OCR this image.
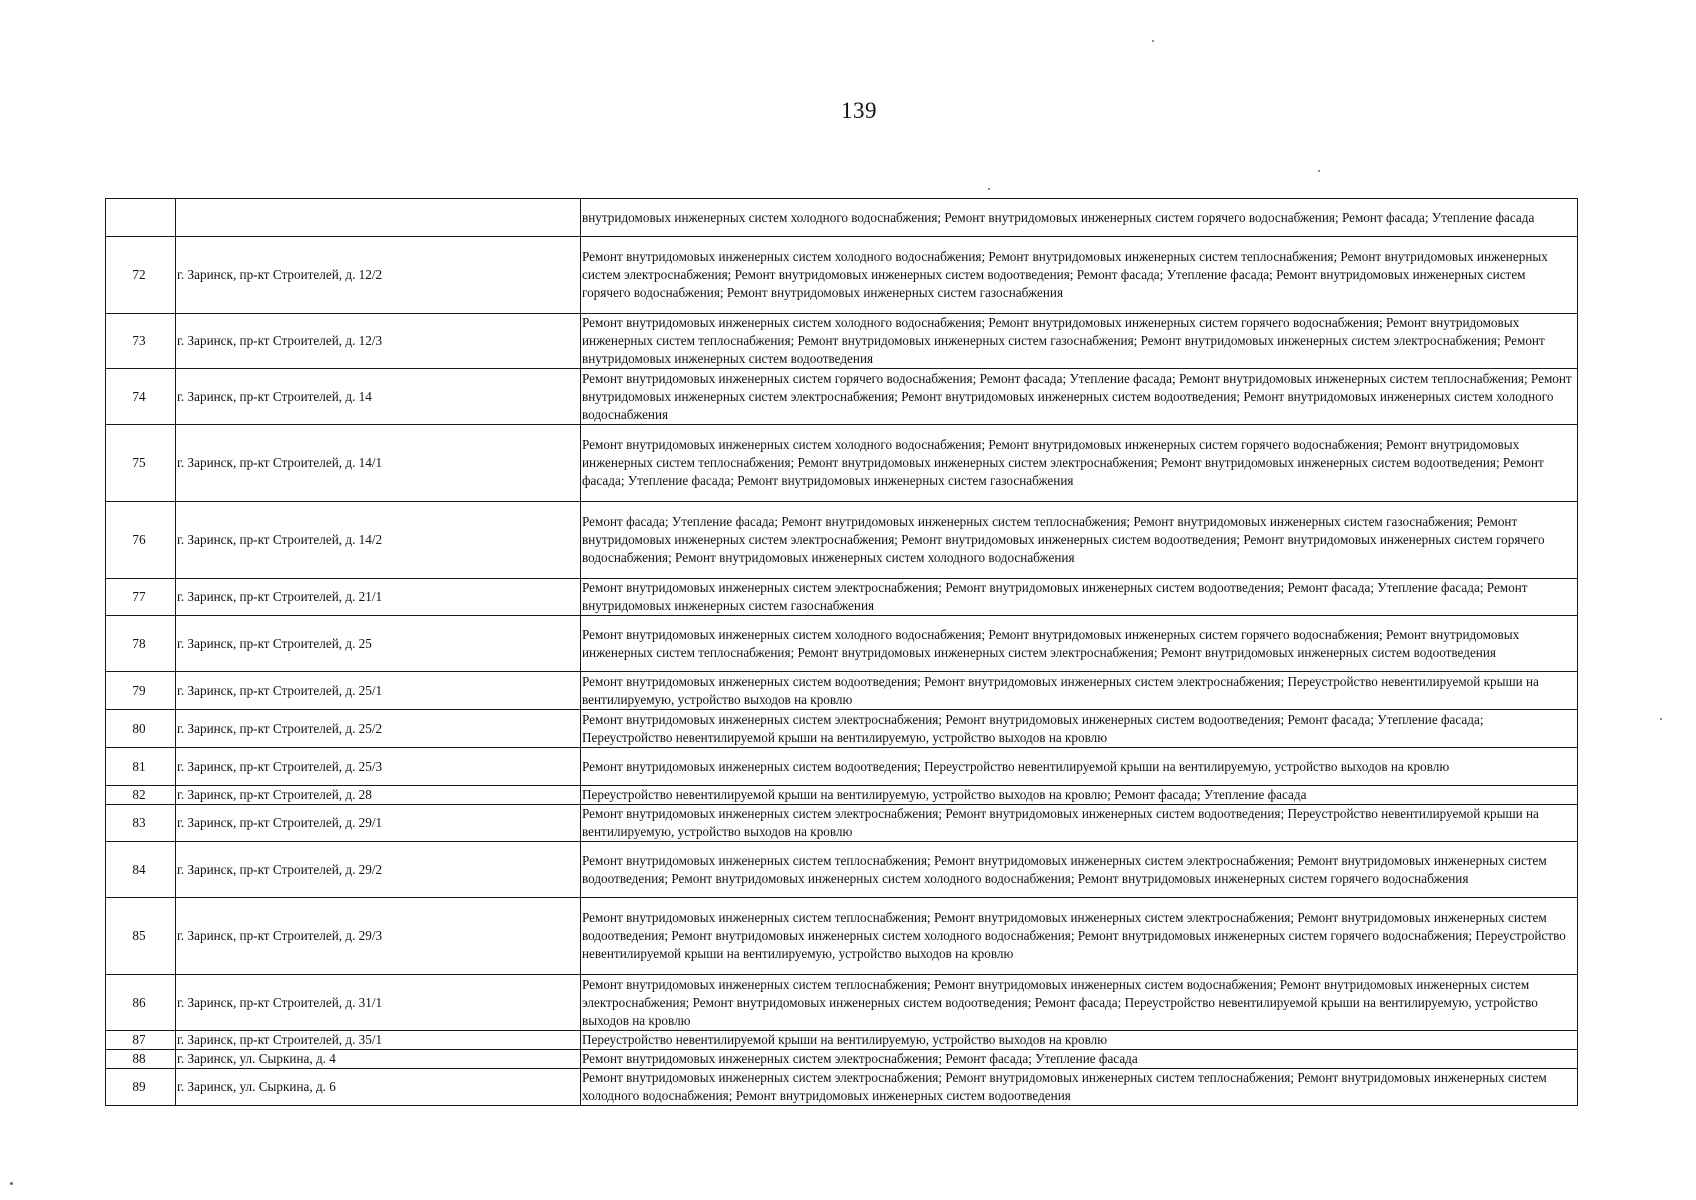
139
		внутридомовых инженерных систем холодного водоснабжения; Ремонт внутридомовых инженерных систем горячего водоснабжения; Ремонт фасада; Утепление фасада
72	г. Заринск, пр-кт Строителей, д. 12/2	Ремонт внутридомовых инженерных систем холодного водоснабжения; Ремонт внутридомовых инженерных систем теплоснабжения; Ремонт внутридомовых инженерных систем электроснабжения; Ремонт внутридомовых инженерных систем водоотведения; Ремонт фасада; Утепление фасада; Ремонт внутридомовых инженерных систем горячего водоснабжения; Ремонт внутридомовых инженерных систем газоснабжения
73	г. Заринск, пр-кт Строителей, д. 12/3	Ремонт внутридомовых инженерных систем холодного водоснабжения; Ремонт внутридомовых инженерных систем горячего водоснабжения; Ремонт внутридомовых инженерных систем теплоснабжения; Ремонт внутридомовых инженерных систем газоснабжения; Ремонт внутридомовых инженерных систем электроснабжения; Ремонт внутридомовых инженерных систем водоотведения
74	г. Заринск, пр-кт Строителей, д. 14	Ремонт внутридомовых инженерных систем горячего водоснабжения; Ремонт фасада; Утепление фасада; Ремонт внутридомовых инженерных систем теплоснабжения; Ремонт внутридомовых инженерных систем электроснабжения; Ремонт внутридомовых инженерных систем водоотведения; Ремонт внутридомовых инженерных систем холодного водоснабжения
75	г. Заринск, пр-кт Строителей, д. 14/1	Ремонт внутридомовых инженерных систем холодного водоснабжения; Ремонт внутридомовых инженерных систем горячего водоснабжения; Ремонт внутридомовых инженерных систем теплоснабжения; Ремонт внутридомовых инженерных систем электроснабжения; Ремонт внутридомовых инженерных систем водоотведения; Ремонт фасада; Утепление фасада; Ремонт внутридомовых инженерных систем газоснабжения
76	г. Заринск, пр-кт Строителей, д. 14/2	Ремонт фасада; Утепление фасада; Ремонт внутридомовых инженерных систем теплоснабжения; Ремонт внутридомовых инженерных систем газоснабжения; Ремонт внутридомовых инженерных систем электроснабжения; Ремонт внутридомовых инженерных систем водоотведения; Ремонт внутридомовых инженерных систем горячего водоснабжения; Ремонт внутридомовых инженерных систем холодного водоснабжения
77	г. Заринск, пр-кт Строителей, д. 21/1	Ремонт внутридомовых инженерных систем электроснабжения; Ремонт внутридомовых инженерных систем водоотведения; Ремонт фасада; Утепление фасада; Ремонт внутридомовых инженерных систем газоснабжения
78	г. Заринск, пр-кт Строителей, д. 25	Ремонт внутридомовых инженерных систем холодного водоснабжения; Ремонт внутридомовых инженерных систем горячего водоснабжения; Ремонт внутридомовых инженерных систем теплоснабжения; Ремонт внутридомовых инженерных систем электроснабжения; Ремонт внутридомовых инженерных систем водоотведения
79	г. Заринск, пр-кт Строителей, д. 25/1	Ремонт внутридомовых инженерных систем водоотведения; Ремонт внутридомовых инженерных систем электроснабжения; Переустройство невентилируемой крыши на вентилируемую, устройство выходов на кровлю
80	г. Заринск, пр-кт Строителей, д. 25/2	Ремонт внутридомовых инженерных систем электроснабжения; Ремонт внутридомовых инженерных систем водоотведения; Ремонт фасада; Утепление фасада; Переустройство невентилируемой крыши на вентилируемую, устройство выходов на кровлю
81	г. Заринск, пр-кт Строителей, д. 25/3	Ремонт внутридомовых инженерных систем водоотведения; Переустройство невентилируемой крыши на вентилируемую, устройство выходов на кровлю
82	г. Заринск, пр-кт Строителей, д. 28	Переустройство невентилируемой крыши на вентилируемую, устройство выходов на кровлю; Ремонт фасада; Утепление фасада
83	г. Заринск, пр-кт Строителей, д. 29/1	Ремонт внутридомовых инженерных систем электроснабжения; Ремонт внутридомовых инженерных систем водоотведения; Переустройство невентилируемой крыши на вентилируемую, устройство выходов на кровлю
84	г. Заринск, пр-кт Строителей, д. 29/2	Ремонт внутридомовых инженерных систем теплоснабжения; Ремонт внутридомовых инженерных систем электроснабжения; Ремонт внутридомовых инженерных систем водоотведения; Ремонт внутридомовых инженерных систем холодного водоснабжения; Ремонт внутридомовых инженерных систем горячего водоснабжения
85	г. Заринск, пр-кт Строителей, д. 29/3	Ремонт внутридомовых инженерных систем теплоснабжения; Ремонт внутридомовых инженерных систем электроснабжения; Ремонт внутридомовых инженерных систем водоотведения; Ремонт внутридомовых инженерных систем холодного водоснабжения; Ремонт внутридомовых инженерных систем горячего водоснабжения; Переустройство невентилируемой крыши на вентилируемую, устройство выходов на кровлю
86	г. Заринск, пр-кт Строителей, д. 31/1	Ремонт внутридомовых инженерных систем теплоснабжения; Ремонт внутридомовых инженерных систем водоснабжения; Ремонт внутридомовых инженерных систем электроснабжения; Ремонт внутридомовых инженерных систем водоотведения; Ремонт фасада; Переустройство невентилируемой крыши на вентилируемую, устройство выходов на кровлю
87	г. Заринск, пр-кт Строителей, д. 35/1	Переустройство невентилируемой крыши на вентилируемую, устройство выходов на кровлю
88	г. Заринск, ул. Сыркина, д. 4	Ремонт внутридомовых инженерных систем электроснабжения; Ремонт фасада; Утепление фасада
89	г. Заринск, ул. Сыркина, д. 6	Ремонт внутридомовых инженерных систем электроснабжения; Ремонт внутридомовых инженерных систем теплоснабжения; Ремонт внутридомовых инженерных систем холодного водоснабжения; Ремонт внутридомовых инженерных систем водоотведения
